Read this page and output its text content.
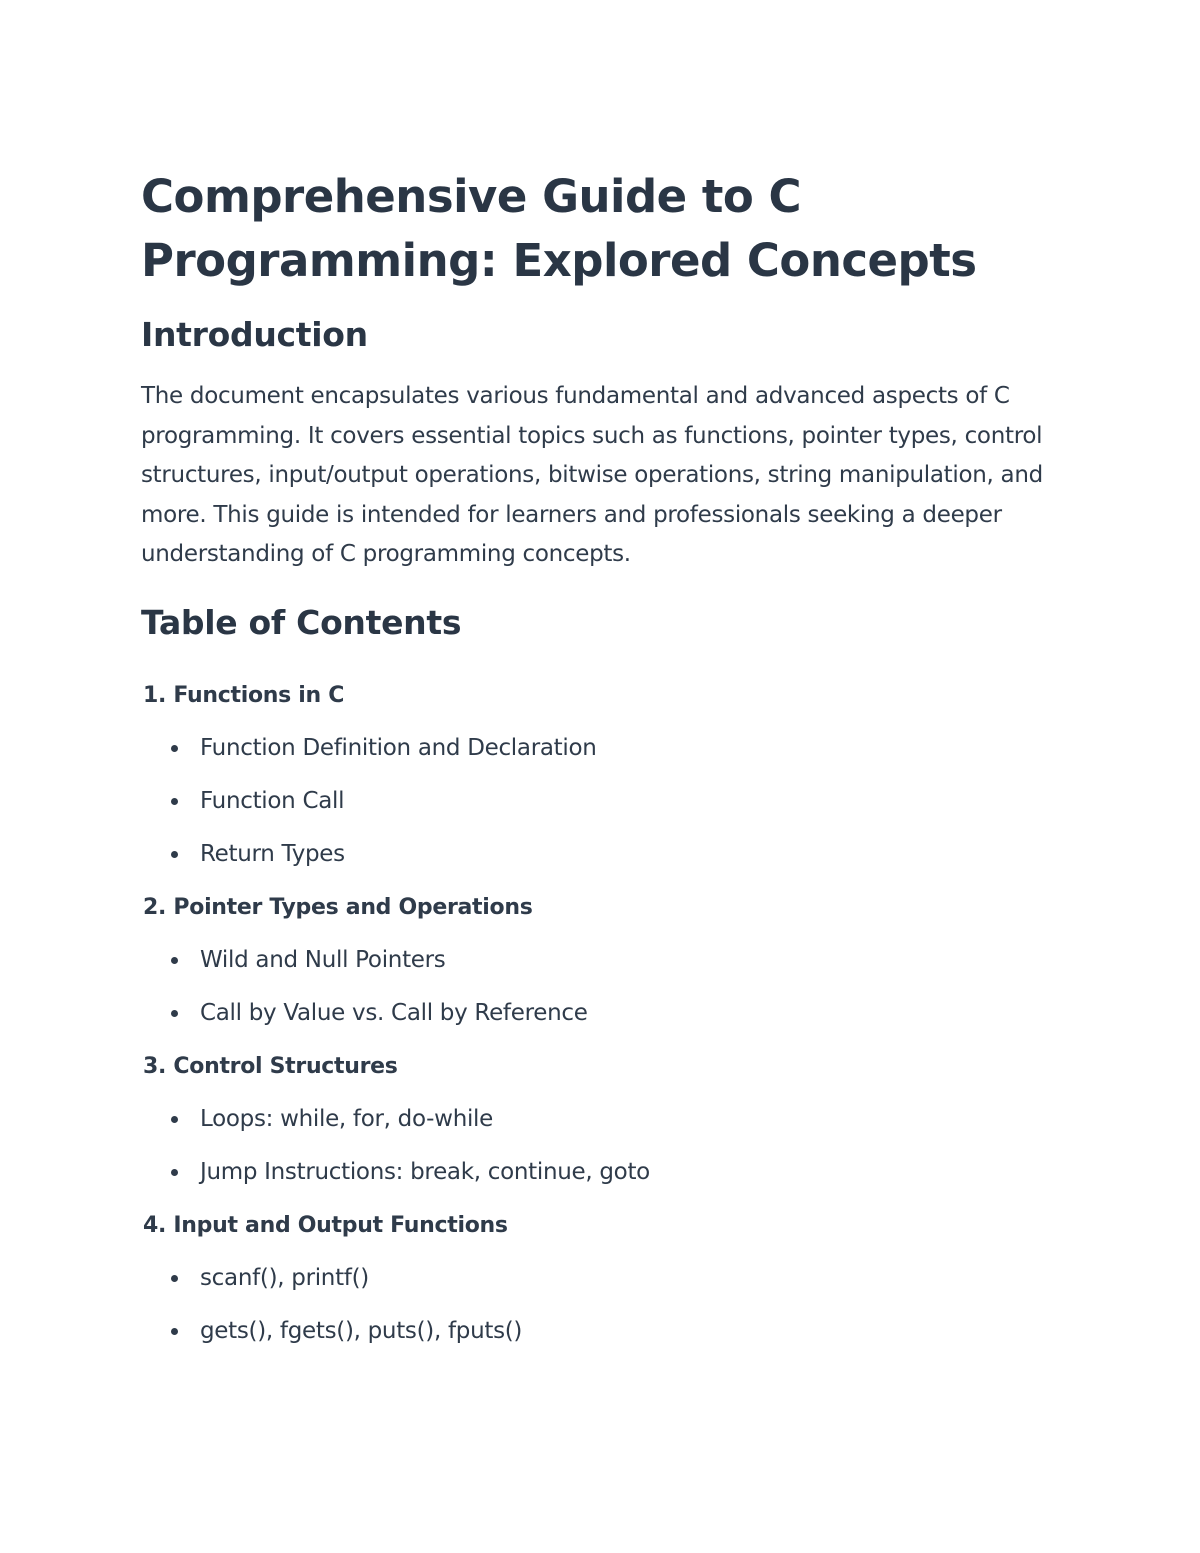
Comprehensive Guide to C
Programming: Explored Concepts
Introduction

The document encapsulates various fundamental and advanced aspects of C programming. It covers essential topics such as functions, pointer types, control structures, input/output operations, bitwise operations, string manipulation, and more. This guide is intended for learners and professionals seeking a deeper understanding of C programming concepts.

Table of Contents
1. Functions in C
Function Definition and Declaration
Function Call
Return Types
2. Pointer Types and Operations
Wild and Null Pointers
Call by Value vs. Call by Reference
3. Control Structures
Loops: while, for, do-while
Jump Instructions: break, continue, goto
4. Input and Output Functions
scanf(), printf()
gets(), fgets(), puts(), fputs()
